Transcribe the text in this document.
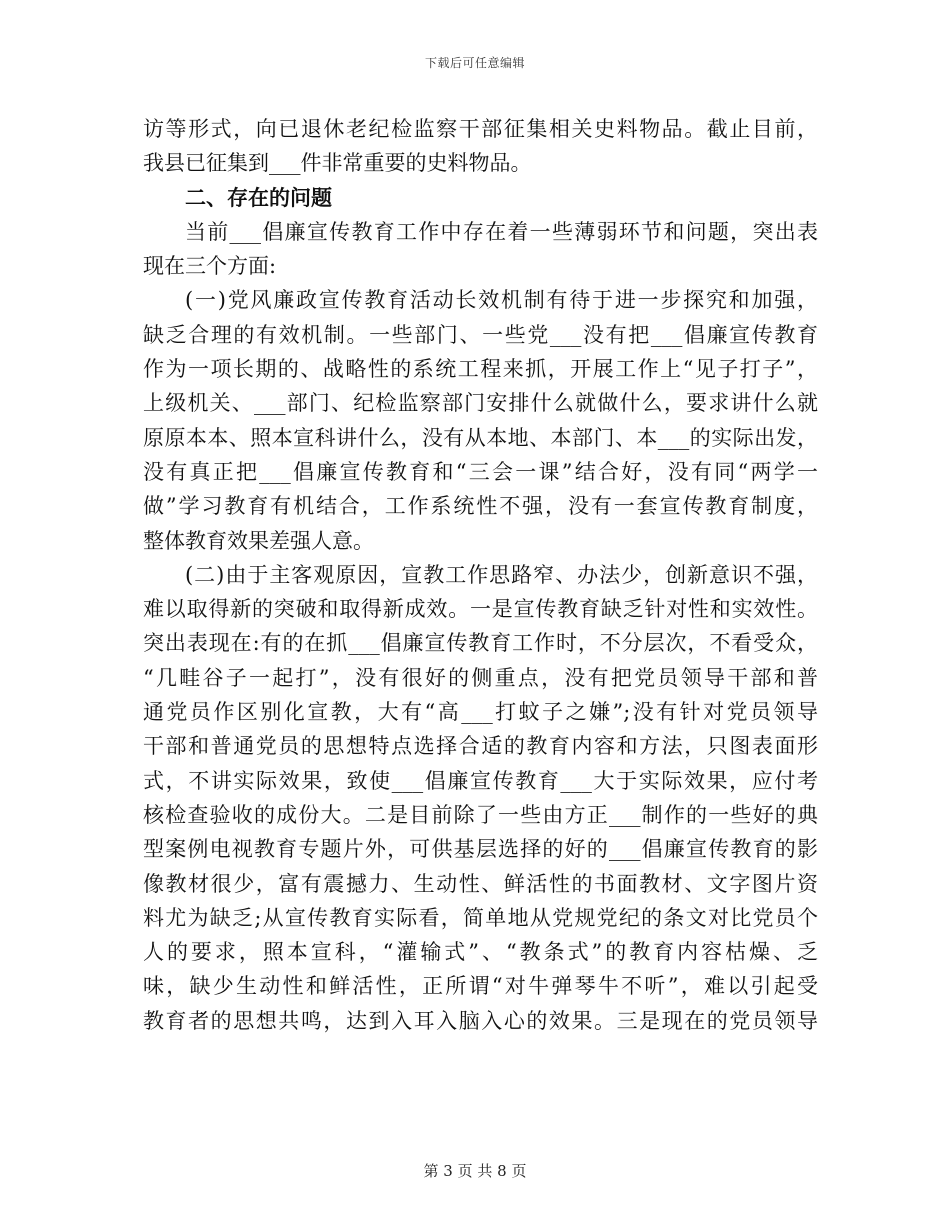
下载后可任意编辑
访等形式，向已退休老纪检监察干部征集相关史料物品。截止目前，
我县已征集到___件非常重要的史料物品。
二、存在的问题
当前___倡廉宣传教育工作中存在着一些薄弱环节和问题，突出表
现在三个方面:
(一)党风廉政宣传教育活动长效机制有待于进一步探究和加强，
缺乏合理的有效机制。一些部门、一些党___没有把___倡廉宣传教育
作为一项长期的、战略性的系统工程来抓，开展工作上“见子打子”，
上级机关、___部门、纪检监察部门安排什么就做什么，要求讲什么就
原原本本、照本宣科讲什么，没有从本地、本部门、本___的实际出发，
没有真正把___倡廉宣传教育和“三会一课”结合好，没有同“两学一
做”学习教育有机结合，工作系统性不强，没有一套宣传教育制度，
整体教育效果差强人意。
(二)由于主客观原因，宣教工作思路窄、办法少，创新意识不强，
难以取得新的突破和取得新成效。一是宣传教育缺乏针对性和实效性。
突出表现在:有的在抓___倡廉宣传教育工作时，不分层次，不看受众，
“几畦谷子一起打”，没有很好的侧重点，没有把党员领导干部和普
通党员作区别化宣教，大有“高___打蚊子之嫌”;没有针对党员领导
干部和普通党员的思想特点选择合适的教育内容和方法，只图表面形
式，不讲实际效果，致使___倡廉宣传教育___大于实际效果，应付考
核检查验收的成份大。二是目前除了一些由方正___制作的一些好的典
型案例电视教育专题片外，可供基层选择的好的___倡廉宣传教育的影
像教材很少，富有震撼力、生动性、鲜活性的书面教材、文字图片资
料尤为缺乏;从宣传教育实际看，简单地从党规党纪的条文对比党员个
人的要求，照本宣科，“灌输式”、“教条式”的教育内容枯燥、乏
味，缺少生动性和鲜活性，正所谓“对牛弹琴牛不听”，难以引起受
教育者的思想共鸣，达到入耳入脑入心的效果。三是现在的党员领导
第 3 页 共 8 页
